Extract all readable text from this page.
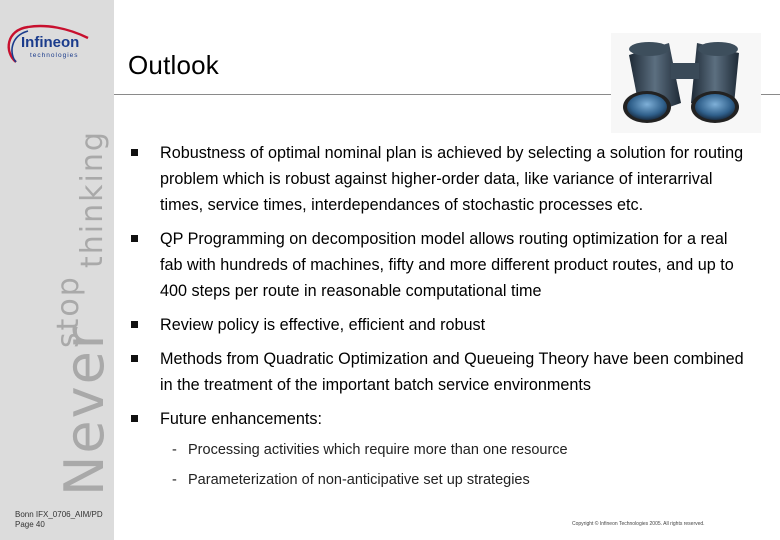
Infineon
technologies
Never
stop
thinking
Outlook
Robustness of optimal nominal plan is achieved by selecting a solution for routing problem which is robust against higher-order data, like variance of interarrival times, service times, interdependances of stochastic processes etc.
QP Programming on decomposition model allows routing optimization for a real fab with hundreds of machines, fifty and more different product routes, and up to 400 steps per route in reasonable computational time
Review policy is effective, efficient and robust
Methods from Quadratic Optimization and Queueing Theory have been combined in the treatment of the important batch service environments
Future enhancements:
- Processing activities which require more than one resource
- Parameterization of non-anticipative set up strategies
Bonn IFX_0706_AIM/PD
Page 40	Copyright © Infineon Technologies 2005. All rights reserved.
